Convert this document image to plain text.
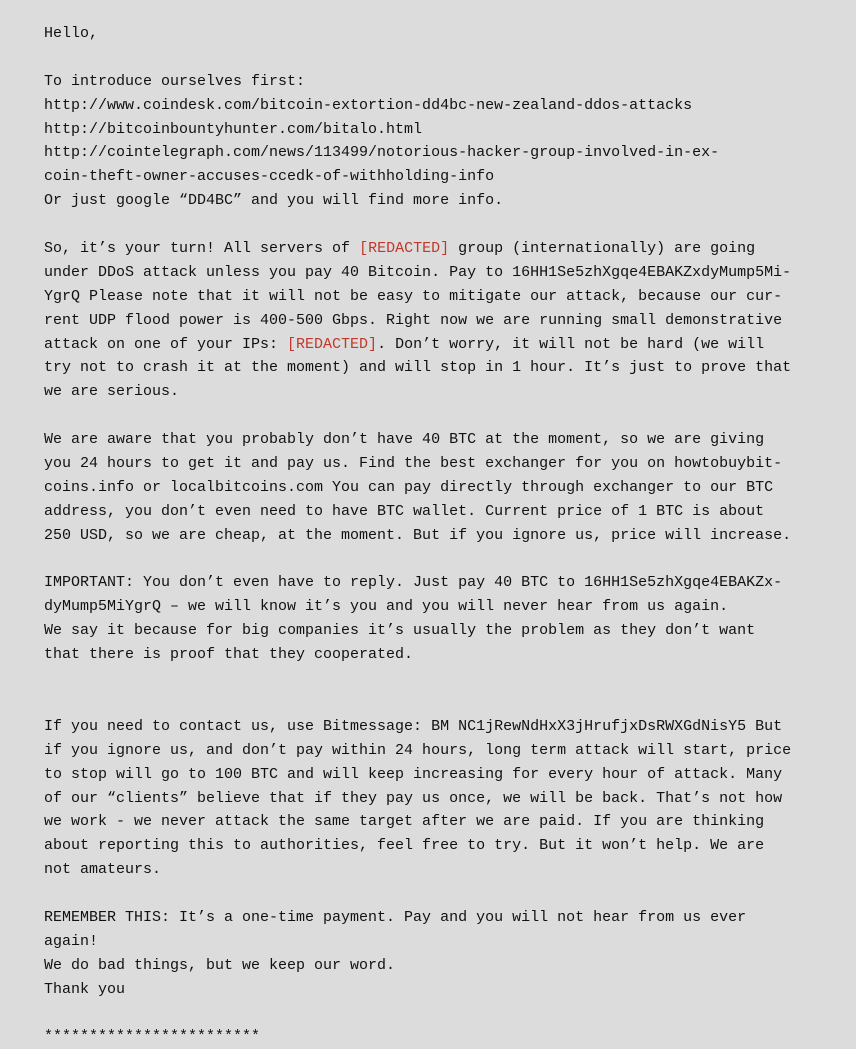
Hello,
To introduce ourselves first:
http://www.coindesk.com/bitcoin-extortion-dd4bc-new-zealand-ddos-attacks
http://bitcoinbountyhunter.com/bitalo.html
http://cointelegraph.com/news/113499/notorious-hacker-group-involved-in-ex-
coin-theft-owner-accuses-ccedk-of-withholding-info
Or just google “DD4BC” and you will find more info.
So, it’s your turn! All servers of [REDACTED] group (internationally) are going
under DDoS attack unless you pay 40 Bitcoin. Pay to 16HH1Se5zhXgqe4EBAKZxdyMump5Mi-
YgrQ Please note that it will not be easy to mitigate our attack, because our cur-
rent UDP flood power is 400-500 Gbps. Right now we are running small demonstrative
attack on one of your IPs: [REDACTED]. Don’t worry, it will not be hard (we will
try not to crash it at the moment) and will stop in 1 hour. It’s just to prove that
we are serious.
We are aware that you probably don’t have 40 BTC at the moment, so we are giving
you 24 hours to get it and pay us. Find the best exchanger for you on howtobuybit-
coins.info or localbitcoins.com You can pay directly through exchanger to our BTC
address, you don’t even need to have BTC wallet. Current price of 1 BTC is about
250 USD, so we are cheap, at the moment. But if you ignore us, price will increase.
IMPORTANT: You don’t even have to reply. Just pay 40 BTC to 16HH1Se5zhXgqe4EBAKZx-
dyMump5MiYgrQ – we will know it’s you and you will never hear from us again.
We say it because for big companies it’s usually the problem as they don’t want
that there is proof that they cooperated.
If you need to contact us, use Bitmessage: BM NC1jRewNdHxX3jHrufjxDsRWXGdNisY5 But
if you ignore us, and don’t pay within 24 hours, long term attack will start, price
to stop will go to 100 BTC and will keep increasing for every hour of attack. Many
of our “clients” believe that if they pay us once, we will be back. That’s not how
we work - we never attack the same target after we are paid. If you are thinking
about reporting this to authorities, feel free to try. But it won’t help. We are
not amateurs.
REMEMBER THIS: It’s a one-time payment. Pay and you will not hear from us ever
again!
We do bad things, but we keep our word.
Thank you
************************
